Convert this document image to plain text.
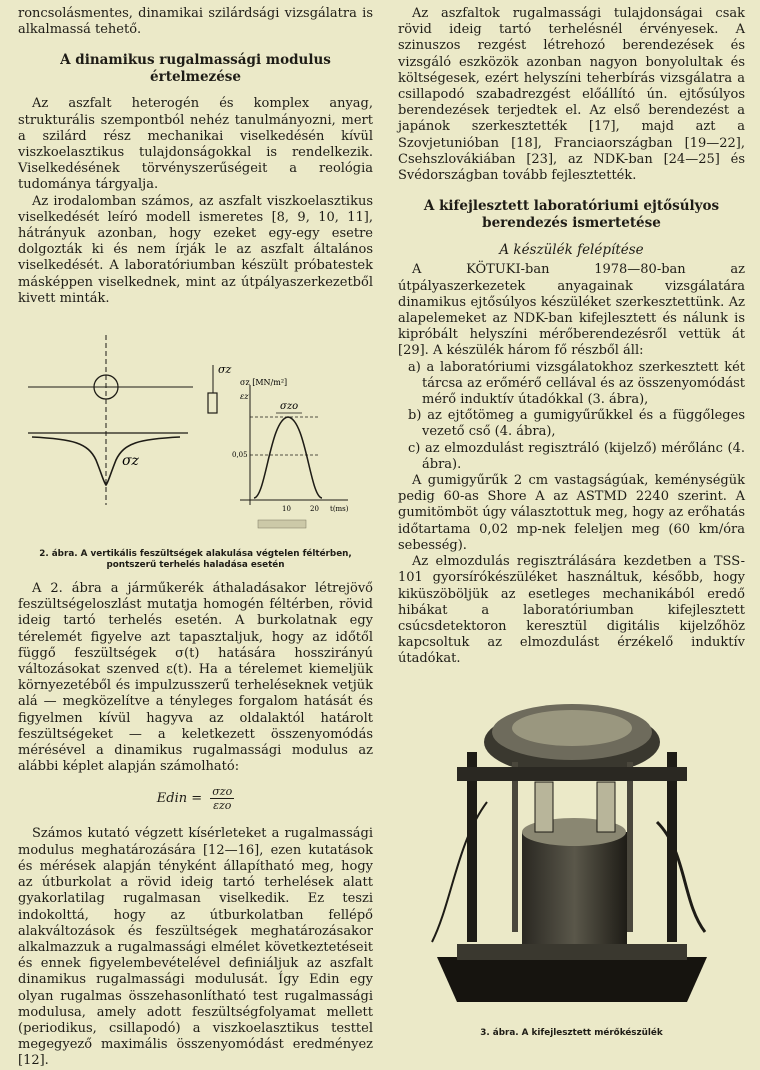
roncsolásmentes, dinamikai szilárdsági vizsgálatra is alkalmassá tehető.

A dinamikus rugalmassági modulus értelmezése

Az aszfalt heterogén és komplex anyag, strukturális szempontból nehéz tanulmányozni, mert a szilárd rész mechanikai viselkedésén kívül viszkoelasztikus tulajdonságokkal is rendelkezik. Viselkedésének törvényszerűségeit a reológia tudománya tárgyalja.

Az irodalomban számos, az aszfalt viszkoelasztikus viselkedését leíró modell ismeretes [8, 9, 10, 11], hátrányuk azonban, hogy ezeket egy-egy esetre dolgozták ki és nem írják le az aszfalt általános viselkedését. A laboratóriumban készült próbatestek másképpen viselkednek, mint az útpályaszerkezetből kivett minták.

σz
σz
σz [MN/m²]
εz
0,05
10	20 t(ms)
σzo
2. ábra. A vertikális feszültségek alakulása végtelen féltérben, pontszerű terhelés haladása esetén

A 2. ábra a járműkerék áthaladásakor létrejövő feszültségeloszlást mutatja homogén féltérben, rövid ideig tartó terhelés esetén. A burkolatnak egy térelemét figyelve azt tapasztaljuk, hogy az időtől függő feszültségek σ(t) hatására hosszirányú változásokat szenved ε(t). Ha a térelemet kiemeljük környezetéből és impulzusszerű terheléseknek vetjük alá — megközelítve a tényleges forgalom hatását és figyelmen kívül hagyva az oldalaktól határolt feszültségeket — a keletkezett összenyomódás mérésével a dinamikus rugalmassági modulus az alábbi képlet alapján számolható:

Edin = $\frac{\text{σzo}}{\text{εzo}}$

Számos kutató végzett kísérleteket a rugalmassági modulus meghatározására [12—16], ezen kutatások és mérések alapján tényként állapítható meg, hogy az útburkolat a rövid ideig tartó terhelések alatt gyakorlatilag rugalmasan viselkedik. Ez teszi indokolttá, hogy az útburkolatban fellépő alakváltozások és feszültségek meghatározásakor alkalmazzuk a rugalmassági elmélet következtetéseit és ennek figyelembevételével definiáljuk az aszfalt dinamikus rugalmassági modulusát. Így Edin egy olyan rugalmas összehasonlítható test rugalmassági modulusa, amely adott feszültségfolyamat mellett (periodikus, csillapodó) a viszkoelasztikus testtel megegyező maximális összenyomódást eredményez [12].

Az aszfaltok rugalmassági tulajdonságai csak rövid ideig tartó terhelésnél érvényesek. A szinuszos rezgést létrehozó berendezések és vizsgáló eszközök azonban nagyon bonyolultak és költségesek, ezért helyszíni teherbírás vizsgálatra a csillapodó szabadrezgést előállító ún. ejtősúlyos berendezések terjedtek el. Az első berendezést a japánok szerkesztették [17], majd azt a Szovjetunióban [18], Franciaországban [19—22], Csehszlovákiában [23], az NDK-ban [24—25] és Svédországban tovább fejlesztették.

A kifejlesztett laboratóriumi ejtősúlyos berendezés ismertetése
A készülék felépítése

A KÖTUKI-ban 1978—80-ban az útpályaszerkezetek anyagainak vizsgálatára dinamikus ejtősúlyos készüléket szerkesztettünk. Az alapelemeket az NDK-ban kifejlesztett és nálunk is kipróbált helyszíni mérőberendezésről vettük át [29]. A készülék három fő részből áll:

a) a laboratóriumi vizsgálatokhoz szerkesztett két tárcsa az erőmérő cellával és az összenyomódást mérő induktív útadókkal (3. ábra),

b) az ejtőtömeg a gumigyűrűkkel és a függőleges vezető cső (4. ábra),

c) az elmozdulást regisztráló (kijelző) mérőlánc (4. ábra).

A gumigyűrűk 2 cm vastagságúak, keménységük pedig 60-as Shore A az ASTMD 2240 szerint. A gumitömböt úgy választottuk meg, hogy az erőhatás időtartama 0,02 mp-nek feleljen meg (60 km/óra sebesség).

Az elmozdulás regisztrálására kezdetben a TSS-101 gyorsírókészüléket használtuk, később, hogy kiküszöböljük az esetleges mechanikából eredő hibákat a laboratóriumban kifejlesztett csúcsdetektoron keresztül digitális kijelzőhöz kapcsoltuk az elmozdulást érzékelő induktív útadókat.

3. ábra. A kifejlesztett mérőkészülék
